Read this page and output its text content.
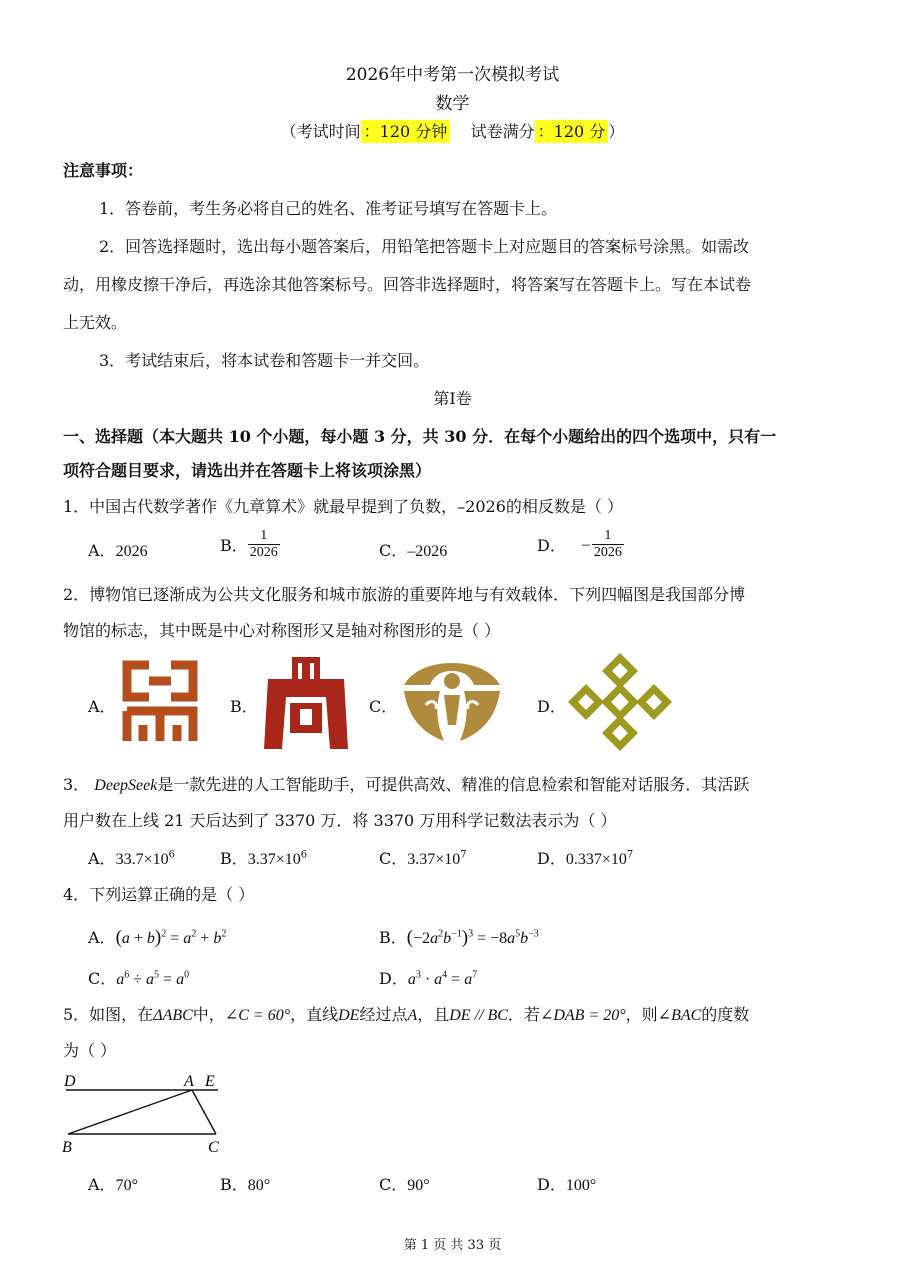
2026年中考第一次模拟考试
数学
（考试时间 ：120 分钟 试卷满分 ：120 分 ）
注意事项：
1．答卷前，考生务必将自己的姓名、准考证号填写在答题卡上。
2．回答选择题时，选出每小题答案后，用铅笔把答题卡上对应题目的答案标号涂黑。如需改
动，用橡皮擦干净后，再选涂其他答案标号。回答非选择题时，将答案写在答题卡上。写在本试卷
上无效。
3．考试结束后，将本试卷和答题卡一并交回。
第I卷
一、选择题（本大题共 10 个小题，每小题 3 分，共 30 分．在每个小题给出的四个选项中，只有一
项符合题目要求，请选出并在答题卡上将该项涂黑）
1．中国古代数学著作《九章算术》就最早提到了负数，–2026的相反数是（ ）
A．2026	B． $\frac{1}{2026}$	C．–2026	D． – $\frac{1}{2026}$
2．博物馆已逐渐成为公共文化服务和城市旅游的重要阵地与有效载体．下列四幅图是我国部分博
物馆的标志，其中既是中心对称图形又是轴对称图形的是（ ）
A．	B．	C．	D．
3． DeepSeek是一款先进的人工智能助手，可提供高效、精准的信息检索和智能对话服务．其活跃
用户数在上线 21 天后达到了 3370 万．将 3370 万用科学记数法表示为（ ）
A．$33.7\times 10^6$	B．$3.37\times 10^6$	C．$3.37\times 10^7$	D．$0.337\times 10^7$
4．下列运算正确的是（ ）
A．$(a + b)^2 = a^2 + b^2$	B．$(-2a^2b^{-1})^3 = -8a^5b^{-3}$
C．$a^6 \div a^5 = a^0$	D．$a^3 \cdot a^4 = a^7$
5．如图，在ΔABC中，∠C = 60°，直线DE经过点A，且DE // BC．若∠DAB = 20°，则∠BAC的度数
为（ ）
D	A E
B	C
A．70°	B．80°	C．90°	D．100°
第 1 页 共 33 页
